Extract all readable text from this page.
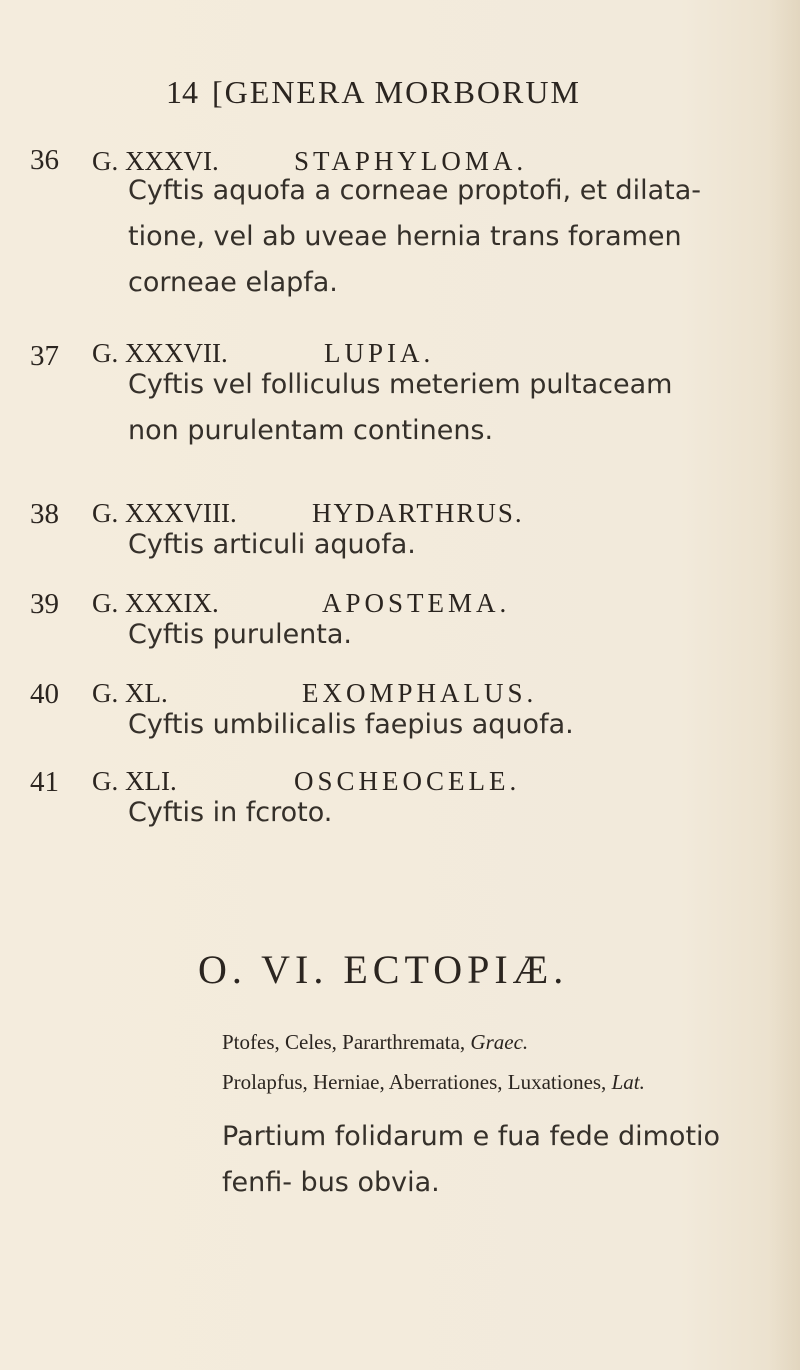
14 [GENERA MORBORUM
36 G. XXXVI.	STAPHYLOMA.
Cyftis aquofa a corneae proptofi, et dilata- tione, vel ab uveae hernia trans foramen corneae elapfa.
37 G. XXXVII.	LUPIA.
Cyftis vel folliculus meteriem pultaceam non purulentam continens.
38 G. XXXVIII.	HYDARTHRUS.
Cyftis articuli aquofa.
39 G. XXXIX.	APOSTEMA.
Cyftis purulenta.
40 G. XL.	EXOMPHALUS.
Cyftis umbilicalis faepius aquofa.
41 G. XLI.	OSCHEOCELE.
Cyftis in fcroto.
O. VI. ECTOPIÆ.
Ptofes, Celes, Pararthremata, Graec.
Prolapfus, Herniae, Aberrationes, Luxationes, Lat.
Partium folidarum e fua fede dimotio fenfi- bus obvia.
